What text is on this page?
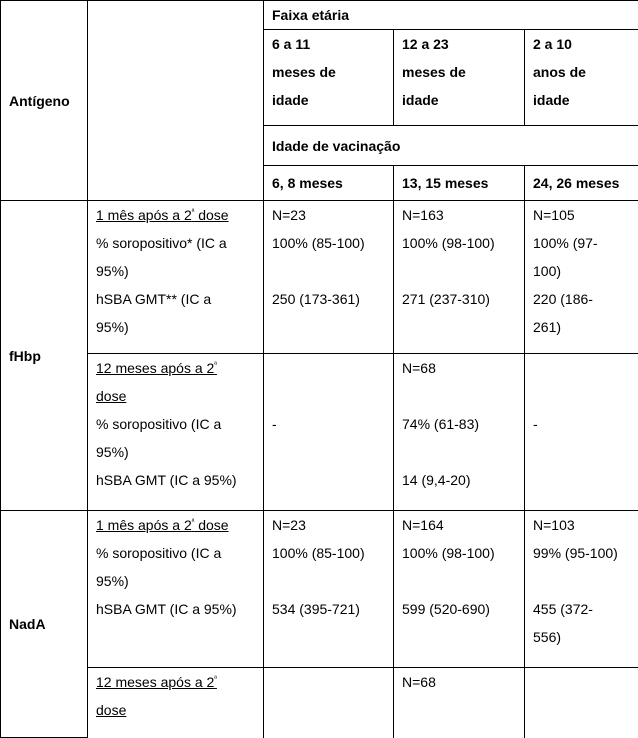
Antígeno		Faixa etária		

		6 a 11
meses de
idade	12 a 23
meses de
idade	2 a 10
anos de
idade

		Idade de vacinação		
		6, 8 meses	13, 15 meses	24, 26 meses
fHbp	1 mês após a $2^ª$ dose
% soropositivo* (IC a
95%)
hSBA GMT** (IC a
95%)	N=23
100% (85-100)

250 (173-361)	N=163
100% (98-100)

271 (237-310)	N=105
100% (97-
100)
220 (186-
261)

	12 meses após a $2^ª$
dose
% soropositivo (IC a
95%)
hSBA GMT (IC a 95%)	-	N=68

74% (61-83)

14 (9,4-20)	-

NadA	1 mês após a $2^ª$ dose
% soropositivo (IC a
95%)
hSBA GMT (IC a 95%)	N=23
100% (85-100)

534 (395-721)	N=164
100% (98-100)

599 (520-690)	N=103
99% (95-100)

455 (372-
556)

	12 meses após a $2^ª$
dose		N=68	
